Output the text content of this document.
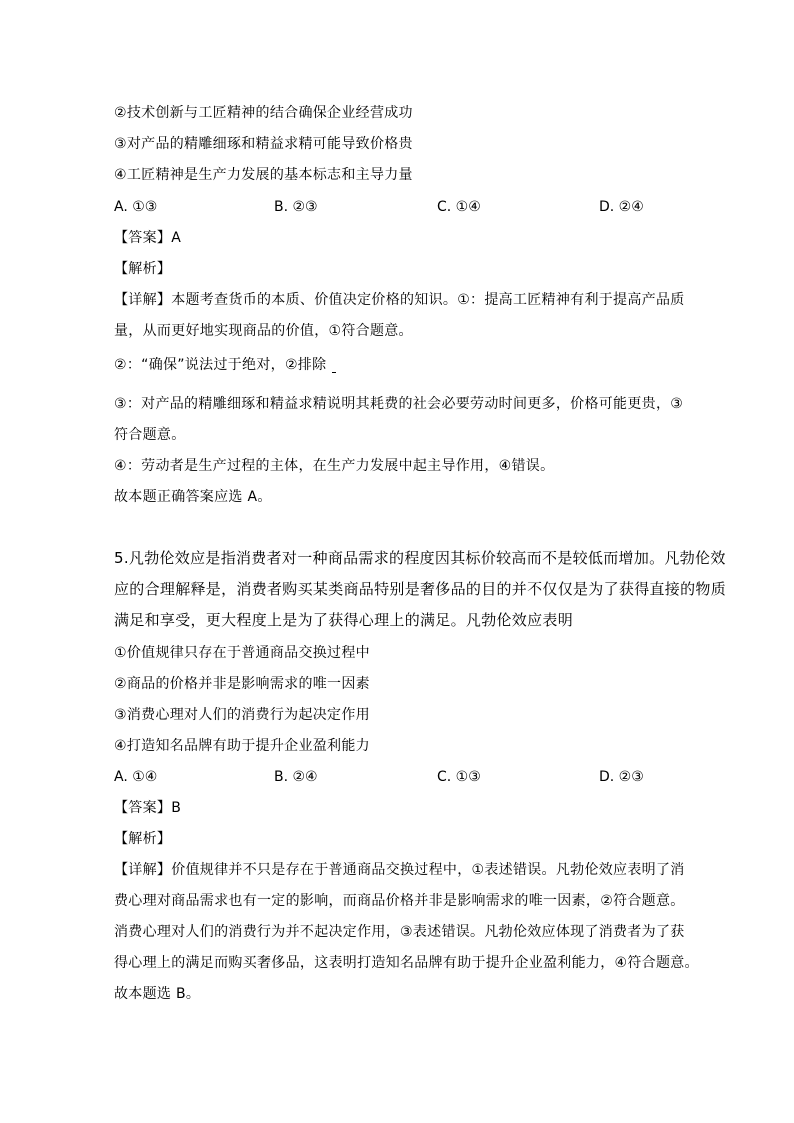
②技术创新与工匠精神的结合确保企业经营成功
③对产品的精雕细琢和精益求精可能导致价格贵
④工匠精神是生产力发展的基本标志和主导力量
A. ①③	B. ②③	C. ①④	D. ②④
【答案】A
【解析】
【详解】本题考查货币的本质、价值决定价格的知识。①：提高工匠精神有利于提高产品质
量，从而更好地实现商品的价值，①符合题意。
②：“确保”说法过于绝对，②排除
③：对产品的精雕细琢和精益求精说明其耗费的社会必要劳动时间更多，价格可能更贵，③
符合题意。
④：劳动者是生产过程的主体，在生产力发展中起主导作用，④错误。
故本题正确答案应选 A。
5.凡勃伦效应是指消费者对一种商品需求的程度因其标价较高而不是较低而增加。凡勃伦效
应的合理解释是，消费者购买某类商品特别是奢侈品的目的并不仅仅是为了获得直接的物质
满足和享受，更大程度上是为了获得心理上的满足。凡勃伦效应表明
①价值规律只存在于普通商品交换过程中
②商品的价格并非是影响需求的唯一因素
③消费心理对人们的消费行为起决定作用
④打造知名品牌有助于提升企业盈利能力
A. ①④	B. ②④	C. ①③	D. ②③
【答案】B
【解析】
【详解】价值规律并不只是存在于普通商品交换过程中，①表述错误。凡勃伦效应表明了消
费心理对商品需求也有一定的影响，而商品价格并非是影响需求的唯一因素，②符合题意。
消费心理对人们的消费行为并不起决定作用，③表述错误。凡勃伦效应体现了消费者为了获
得心理上的满足而购买奢侈品，这表明打造知名品牌有助于提升企业盈利能力，④符合题意。
故本题选 B。
